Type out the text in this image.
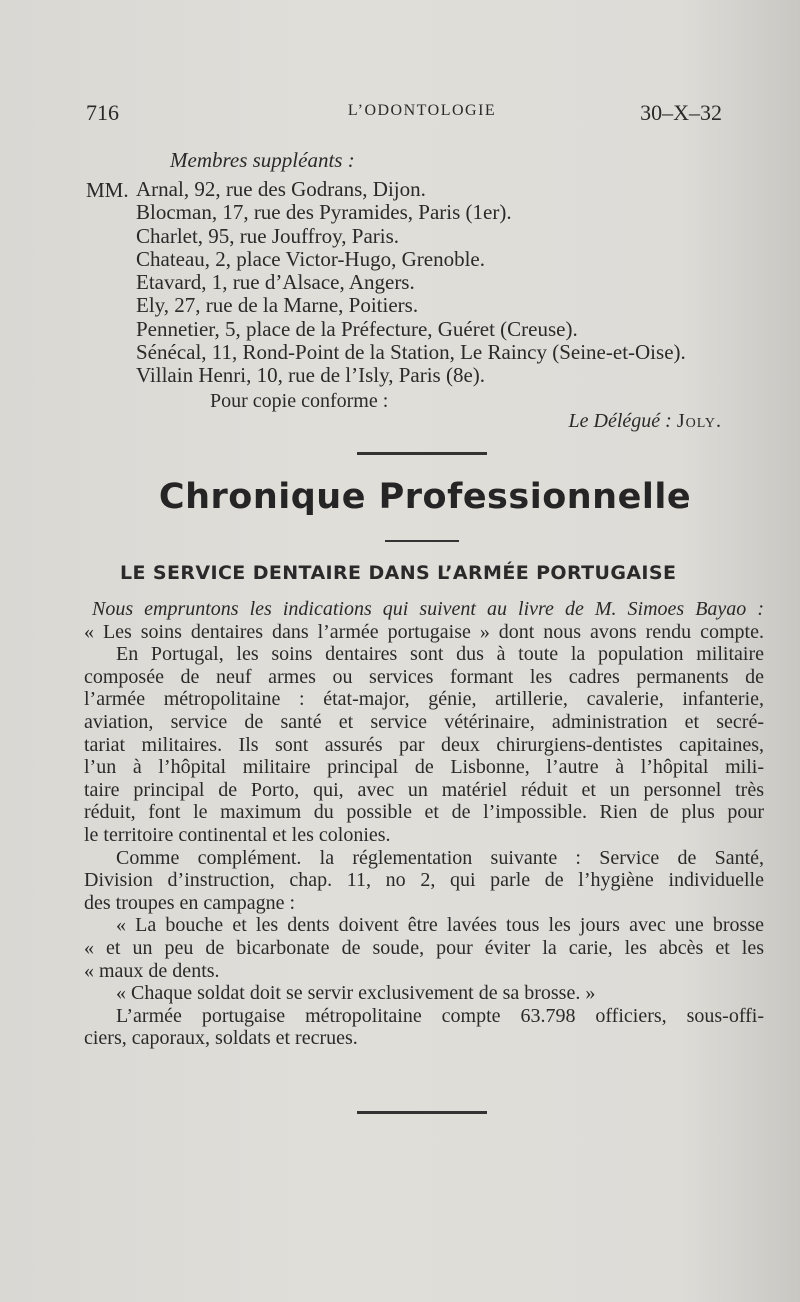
716	L’ODONTOLOGIE	30–X–32
Membres suppléants :
MM. Arnal, 92, rue des Godrans, Dijon.
Blocman, 17, rue des Pyramides, Paris (1er).
Charlet, 95, rue Jouffroy, Paris.
Chateau, 2, place Victor-Hugo, Grenoble.
Etavard, 1, rue d’Alsace, Angers.
Ely, 27, rue de la Marne, Poitiers.
Pennetier, 5, place de la Préfecture, Guéret (Creuse).
Sénécal, 11, Rond-Point de la Station, Le Raincy (Seine-et-Oise).
Villain Henri, 10, rue de l’Isly, Paris (8e).
Pour copie conforme :
Le Délégué : Joly.
Chronique Professionnelle
LE SERVICE DENTAIRE DANS L’ARMÉE PORTUGAISE
Nous empruntons les indications qui suivent au livre de M. Simoes Bayao :
« Les soins dentaires dans l’armée portugaise » dont nous avons rendu compte.
En Portugal, les soins dentaires sont dus à toute la population militaire
composée de neuf armes ou services formant les cadres permanents de
l’armée métropolitaine : état-major, génie, artillerie, cavalerie, infanterie,
aviation, service de santé et service vétérinaire, administration et secré-
tariat militaires. Ils sont assurés par deux chirurgiens-dentistes capitaines,
l’un à l’hôpital militaire principal de Lisbonne, l’autre à l’hôpital mili-
taire principal de Porto, qui, avec un matériel réduit et un personnel très
réduit, font le maximum du possible et de l’impossible. Rien de plus pour
le territoire continental et les colonies.
Comme complément. la réglementation suivante : Service de Santé,
Division d’instruction, chap. 11, no 2, qui parle de l’hygiène individuelle
des troupes en campagne :
« La bouche et les dents doivent être lavées tous les jours avec une brosse
« et un peu de bicarbonate de soude, pour éviter la carie, les abcès et les
« maux de dents.
« Chaque soldat doit se servir exclusivement de sa brosse. »
L’armée portugaise métropolitaine compte 63.798 officiers, sous-offi-
ciers, caporaux, soldats et recrues.
